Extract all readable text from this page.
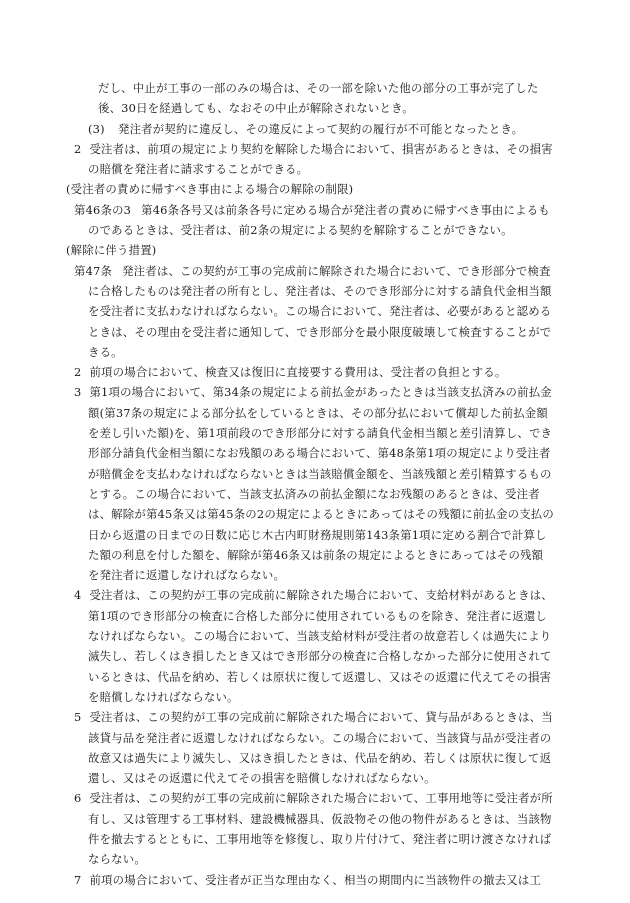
だし、中止が工事の一部のみの場合は、その一部を除いた他の部分の工事が完了した後、30日を経過しても、なおその中止が解除されないとき。
(3) 発注者が契約に違反し、その違反によって契約の履行が不可能となったとき。
2 受注者は、前項の規定により契約を解除した場合において、損害があるときは、その損害の賠償を発注者に請求することができる。
(受注者の責めに帰すべき事由による場合の解除の制限)
第46条の3 第46条各号又は前条各号に定める場合が発注者の責めに帰すべき事由によるものであるときは、受注者は、前2条の規定による契約を解除することができない。
(解除に伴う措置)
第47条 発注者は、この契約が工事の完成前に解除された場合において、でき形部分で検査に合格したものは発注者の所有とし、発注者は、そのでき形部分に対する請負代金相当額を受注者に支払わなければならない。この場合において、発注者は、必要があると認めるときは、その理由を受注者に通知して、でき形部分を最小限度破壊して検査することができる。
2 前項の場合において、検査又は復旧に直接要する費用は、受注者の負担とする。
3 第1項の場合において、第34条の規定による前払金があったときは当該支払済みの前払金額(第37条の規定による部分払をしているときは、その部分払において償却した前払金額を差し引いた額)を、第1項前段のでき形部分に対する請負代金相当額と差引清算し、でき形部分請負代金相当額になお残額のある場合において、第48条第1項の規定により受注者が賠償金を支払わなければならないときは当該賠償金額を、当該残額と差引精算するものとする。この場合において、当該支払済みの前払金額になお残額のあるときは、受注者は、解除が第45条又は第45条の2の規定によるときにあってはその残額に前払金の支払の日から返還の日までの日数に応じ木古内町財務規則第143条第1項に定める割合で計算した額の利息を付した額を、解除が第46条又は前条の規定によるときにあってはその残額を発注者に返還しなければならない。
4 受注者は、この契約が工事の完成前に解除された場合において、支給材料があるときは、第1項のでき形部分の検査に合格した部分に使用されているものを除き、発注者に返還しなければならない。この場合において、当該支給材料が受注者の故意若しくは過失により滅失し、若しくはき損したとき又はでき形部分の検査に合格しなかった部分に使用されているときは、代品を納め、若しくは原状に復して返還し、又はその返還に代えてその損害を賠償しなければならない。
5 受注者は、この契約が工事の完成前に解除された場合において、貸与品があるときは、当該貸与品を発注者に返還しなければならない。この場合において、当該貸与品が受注者の故意又は過失により滅失し、又はき損したときは、代品を納め、若しくは原状に復して返還し、又はその返還に代えてその損害を賠償しなければならない。
6 受注者は、この契約が工事の完成前に解除された場合において、工事用地等に受注者が所有し、又は管理する工事材料、建設機械器具、仮設物その他の物件があるときは、当該物件を撤去するとともに、工事用地等を修復し、取り片付けて、発注者に明け渡さなければならない。
7 前項の場合において、受注者が正当な理由なく、相当の期間内に当該物件の撤去又は工
